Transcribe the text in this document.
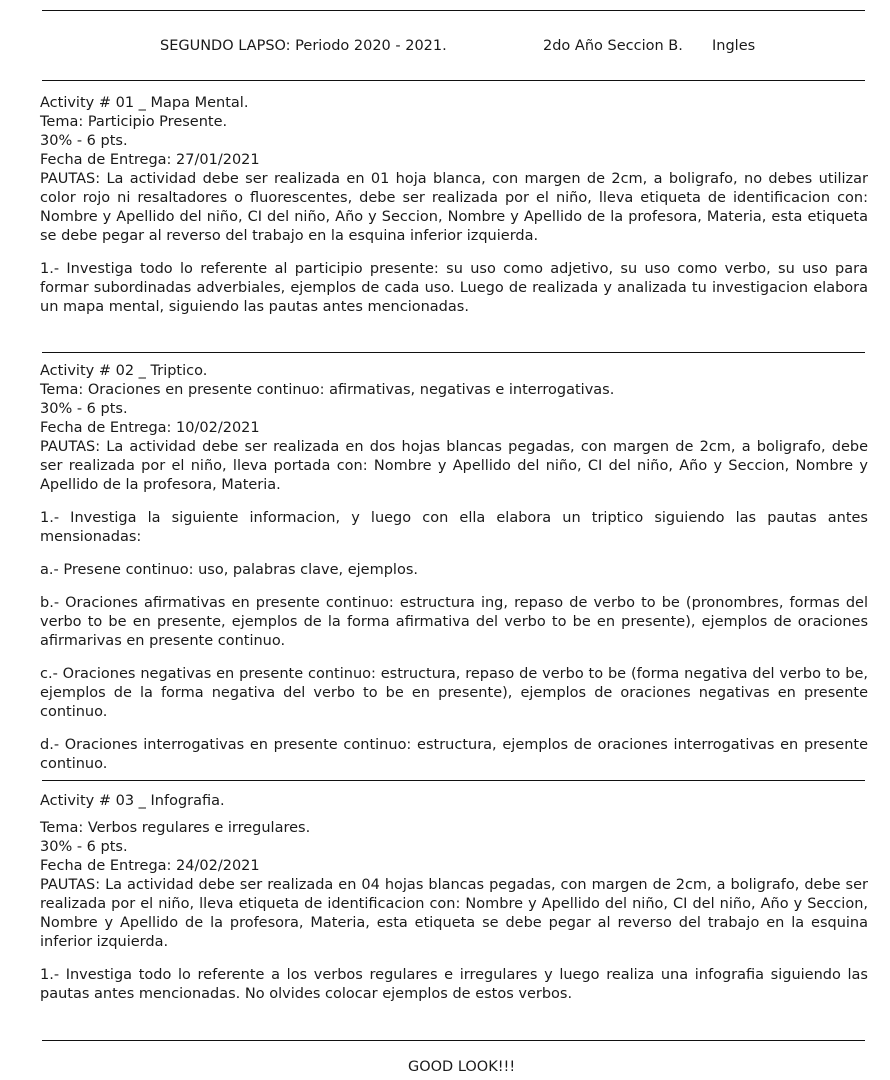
SEGUNDO LAPSO: Periodo 2020 - 2021.	2do Año Seccion B. Ingles
Activity # 01 _ Mapa Mental.
Tema: Participio Presente.
30% - 6 pts.
Fecha de Entrega: 27/01/2021

PAUTAS: La actividad debe ser realizada en 01 hoja blanca, con margen de 2cm, a boligrafo, no debes utilizar color rojo ni resaltadores o fluorescentes, debe ser realizada por el niño, lleva etiqueta de identificacion con: Nombre y Apellido del niño, CI del niño, Año y Seccion, Nombre y Apellido de la profesora, Materia, esta etiqueta se debe pegar al reverso del trabajo en la esquina inferior izquierda.

1.- Investiga todo lo referente al participio presente: su uso como adjetivo, su uso como verbo, su uso para formar subordinadas adverbiales, ejemplos de cada uso. Luego de realizada y analizada tu investigacion elabora un mapa mental, siguiendo las pautas antes mencionadas.

Activity # 02 _ Triptico.
Tema: Oraciones en presente continuo: afirmativas, negativas e interrogativas.
30% - 6 pts.
Fecha de Entrega: 10/02/2021

PAUTAS: La actividad debe ser realizada en dos hojas blancas pegadas, con margen de 2cm, a boligrafo, debe ser realizada por el niño, lleva portada con: Nombre y Apellido del niño, CI del niño, Año y Seccion, Nombre y Apellido de la profesora, Materia.

1.- Investiga la siguiente informacion, y luego con ella elabora un triptico siguiendo las pautas antes mensionadas:

a.- Presene continuo: uso, palabras clave, ejemplos.

b.- Oraciones afirmativas en presente continuo: estructura ing, repaso de verbo to be (pronombres, formas del verbo to be en presente, ejemplos de la forma afirmativa del verbo to be en presente), ejemplos de oraciones afirmarivas en presente continuo.

c.- Oraciones negativas en presente continuo: estructura, repaso de verbo to be (forma negativa del verbo to be, ejemplos de la forma negativa del verbo to be en presente), ejemplos de oraciones negativas en presente continuo.

d.- Oraciones interrogativas en presente continuo: estructura, ejemplos de oraciones interrogativas en presente continuo.

Activity # 03 _ Infografia.
Tema: Verbos regulares e irregulares.
30% - 6 pts.
Fecha de Entrega: 24/02/2021

PAUTAS: La actividad debe ser realizada en 04 hojas blancas pegadas, con margen de 2cm, a boligrafo, debe ser realizada por el niño, lleva etiqueta de identificacion con: Nombre y Apellido del niño, CI del niño, Año y Seccion, Nombre y Apellido de la profesora, Materia, esta etiqueta se debe pegar al reverso del trabajo en la esquina inferior izquierda.

1.- Investiga todo lo referente a los verbos regulares e irregulares y luego realiza una infografia siguiendo las pautas antes mencionadas. No olvides colocar ejemplos de estos verbos.

GOOD LOOK!!!
